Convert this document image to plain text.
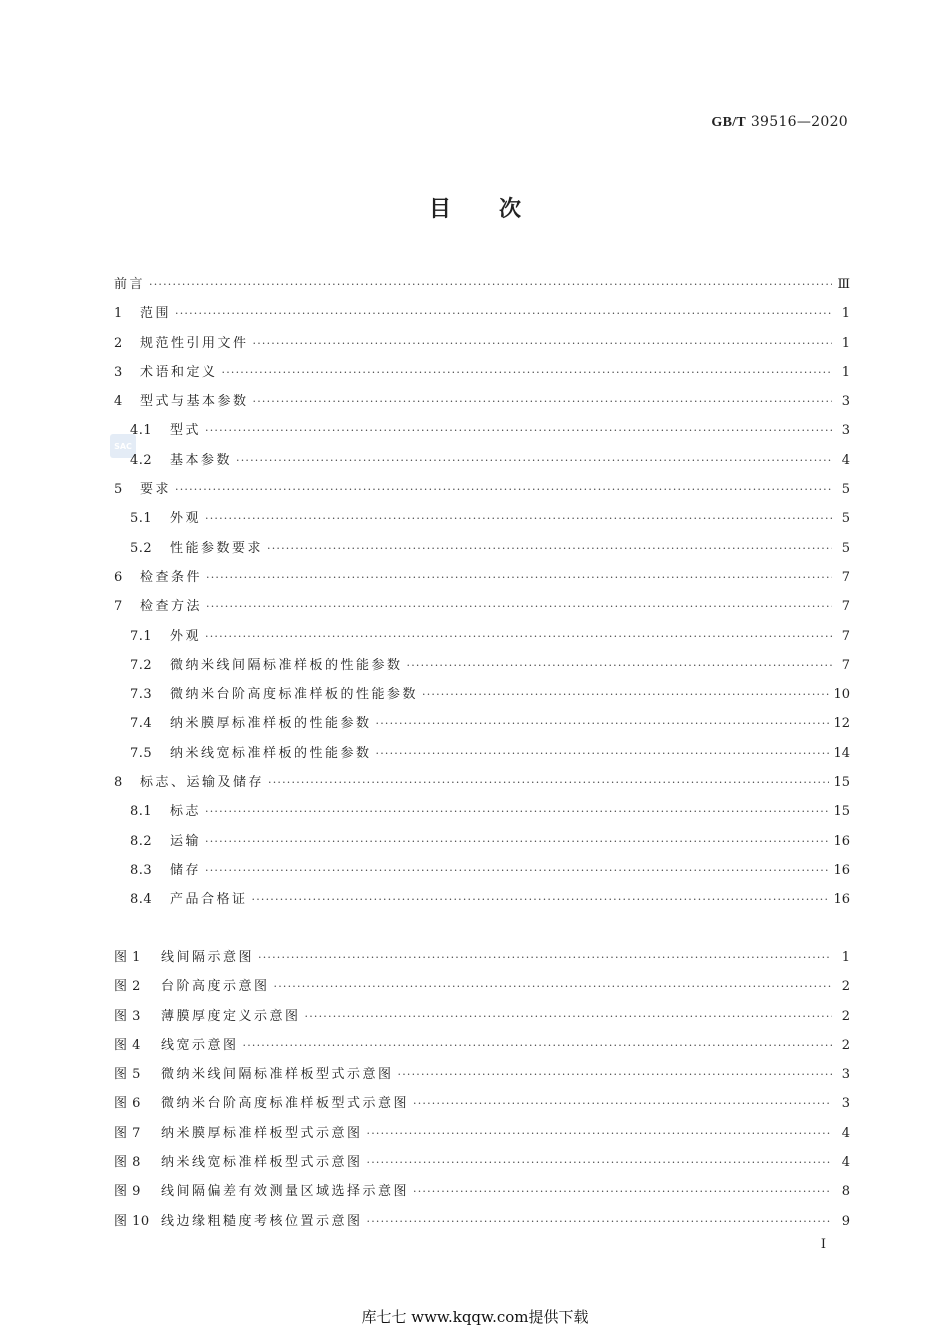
GB/T 39516—2020
目次
SAC
前言 ·····	Ⅲ
1	范围 ·····	1
2	规范性引用文件 ·····	1
3	术语和定义 ·····	1
4	型式与基本参数 ·····	3
4.1	型式 ·····	3
4.2	基本参数 ·····	4
5	要求 ·····	5
5.1	外观 ·····	5
5.2	性能参数要求 ·····	5
6	检查条件 ·····	7
7	检查方法 ·····	7
7.1	外观 ·····	7
7.2	微纳米线间隔标准样板的性能参数 ·····	7
7.3	微纳米台阶高度标准样板的性能参数 ·····	10
7.4	纳米膜厚标准样板的性能参数 ·····	12
7.5	纳米线宽标准样板的性能参数 ·····	14
8	标志、运输及储存 ·····	15
8.1	标志 ·····	15
8.2	运输 ·····	16
8.3	储存 ·····	16
8.4	产品合格证 ·····	16
图 1	线间隔示意图 ·····	1
图 2	台阶高度示意图 ·····	2
图 3	薄膜厚度定义示意图 ·····	2
图 4	线宽示意图 ·····	2
图 5	微纳米线间隔标准样板型式示意图 ·····	3
图 6	微纳米台阶高度标准样板型式示意图 ·····	3
图 7	纳米膜厚标准样板型式示意图 ·····	4
图 8	纳米线宽标准样板型式示意图 ·····	4
图 9	线间隔偏差有效测量区域选择示意图 ·····	8
图 10 线边缘粗糙度考核位置示意图 ·····	9
Ⅰ
库七七 www.kqqw.com提供下载
